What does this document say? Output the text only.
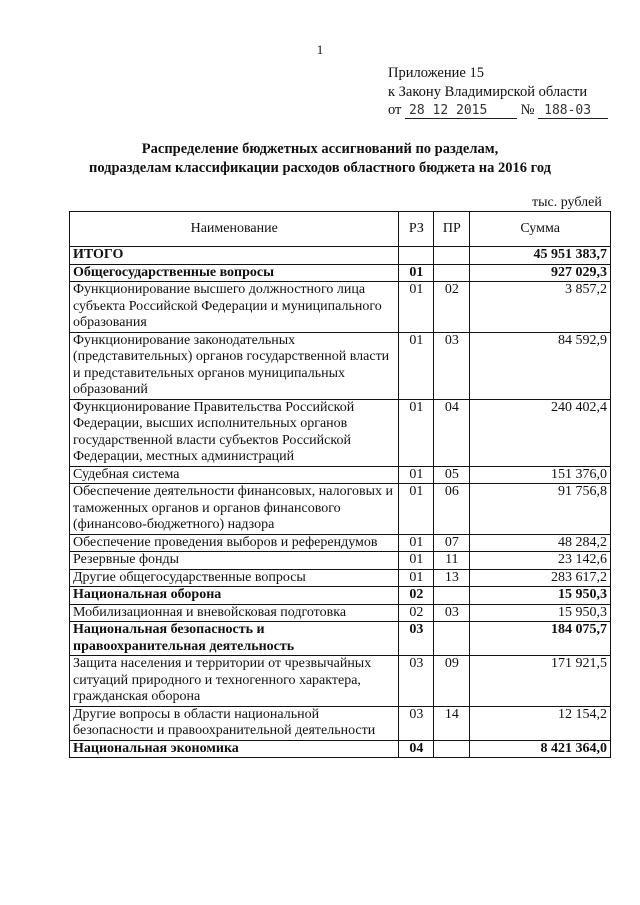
1
Приложение 15
к Закону Владимирской области
от 28 12 2015 № 188-03
Распределение бюджетных ассигнований по разделам,
подразделам классификации расходов областного бюджета на 2016 год
тыс. рублей
Наименование	РЗ	ПР	Сумма
ИТОГО			45 951 383,7
Общегосударственные вопросы	01		927 029,3
Функционирование высшего должностного лица субъекта Российской Федерации и муниципального образования	01	02	3 857,2
Функционирование законодательных (представительных) органов государственной власти и представительных органов муниципальных образований	01	03	84 592,9
Функционирование Правительства Российской Федерации, высших исполнительных органов государственной власти субъектов Российской Федерации, местных администраций	01	04	240 402,4
Судебная система	01	05	151 376,0
Обеспечение деятельности финансовых, налоговых и таможенных органов и органов финансового (финансово-бюджетного) надзора	01	06	91 756,8
Обеспечение проведения выборов и референдумов	01	07	48 284,2
Резервные фонды	01	11	23 142,6
Другие общегосударственные вопросы	01	13	283 617,2
Национальная оборона	02		15 950,3
Мобилизационная и вневойсковая подготовка	02	03	15 950,3
Национальная безопасность и правоохранительная деятельность	03		184 075,7
Защита населения и территории от чрезвычайных ситуаций природного и техногенного характера, гражданская оборона	03	09	171 921,5
Другие вопросы в области национальной безопасности и правоохранительной деятельности	03	14	12 154,2
Национальная экономика	04		8 421 364,0
